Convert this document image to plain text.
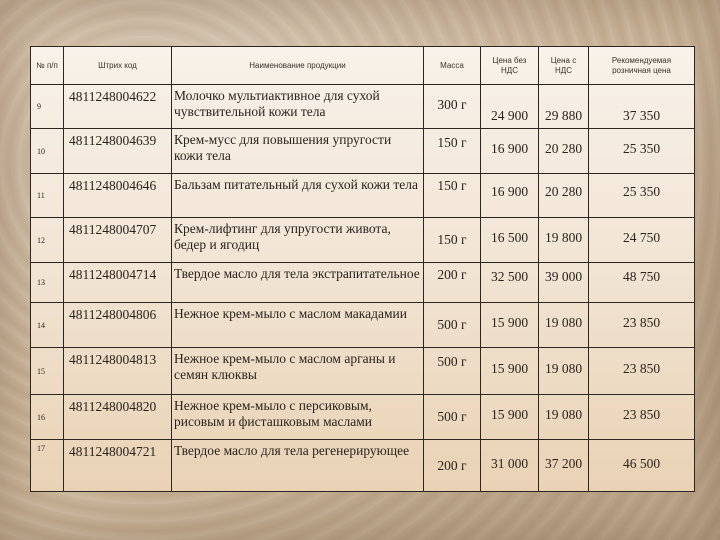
№ п/п	Штрих код	Наименование продукции	Масса	Цена без НДС	Цена с НДС	Рекомендуемая розничная цена
9	4811248004622	Молочко мультиактивное для сухой чувствительной кожи тела	300 г	24 900	29 880	37 350
10	4811248004639	Крем-мусс для повышения упругости кожи тела	150 г	16 900	20 280	25 350
11	4811248004646	Бальзам питательный для сухой кожи тела	150 г	16 900	20 280	25 350
12	4811248004707	Крем-лифтинг для упругости живота, бедер и ягодиц	150 г	16 500	19 800	24 750
13	4811248004714	Твердое масло для тела экстрапитательное	200 г	32 500	39 000	48 750
14	4811248004806	Нежное крем-мыло с маслом макадамии	500 г	15 900	19 080	23 850
15	4811248004813	Нежное крем-мыло с маслом арганы и семян клюквы	500 г	15 900	19 080	23 850
16	4811248004820	Нежное крем-мыло с персиковым, рисовым и фисташковым маслами	500 г	15 900	19 080	23 850
17	4811248004721	Твердое масло для тела регенерирующее	200 г	31 000	37 200	46 500
